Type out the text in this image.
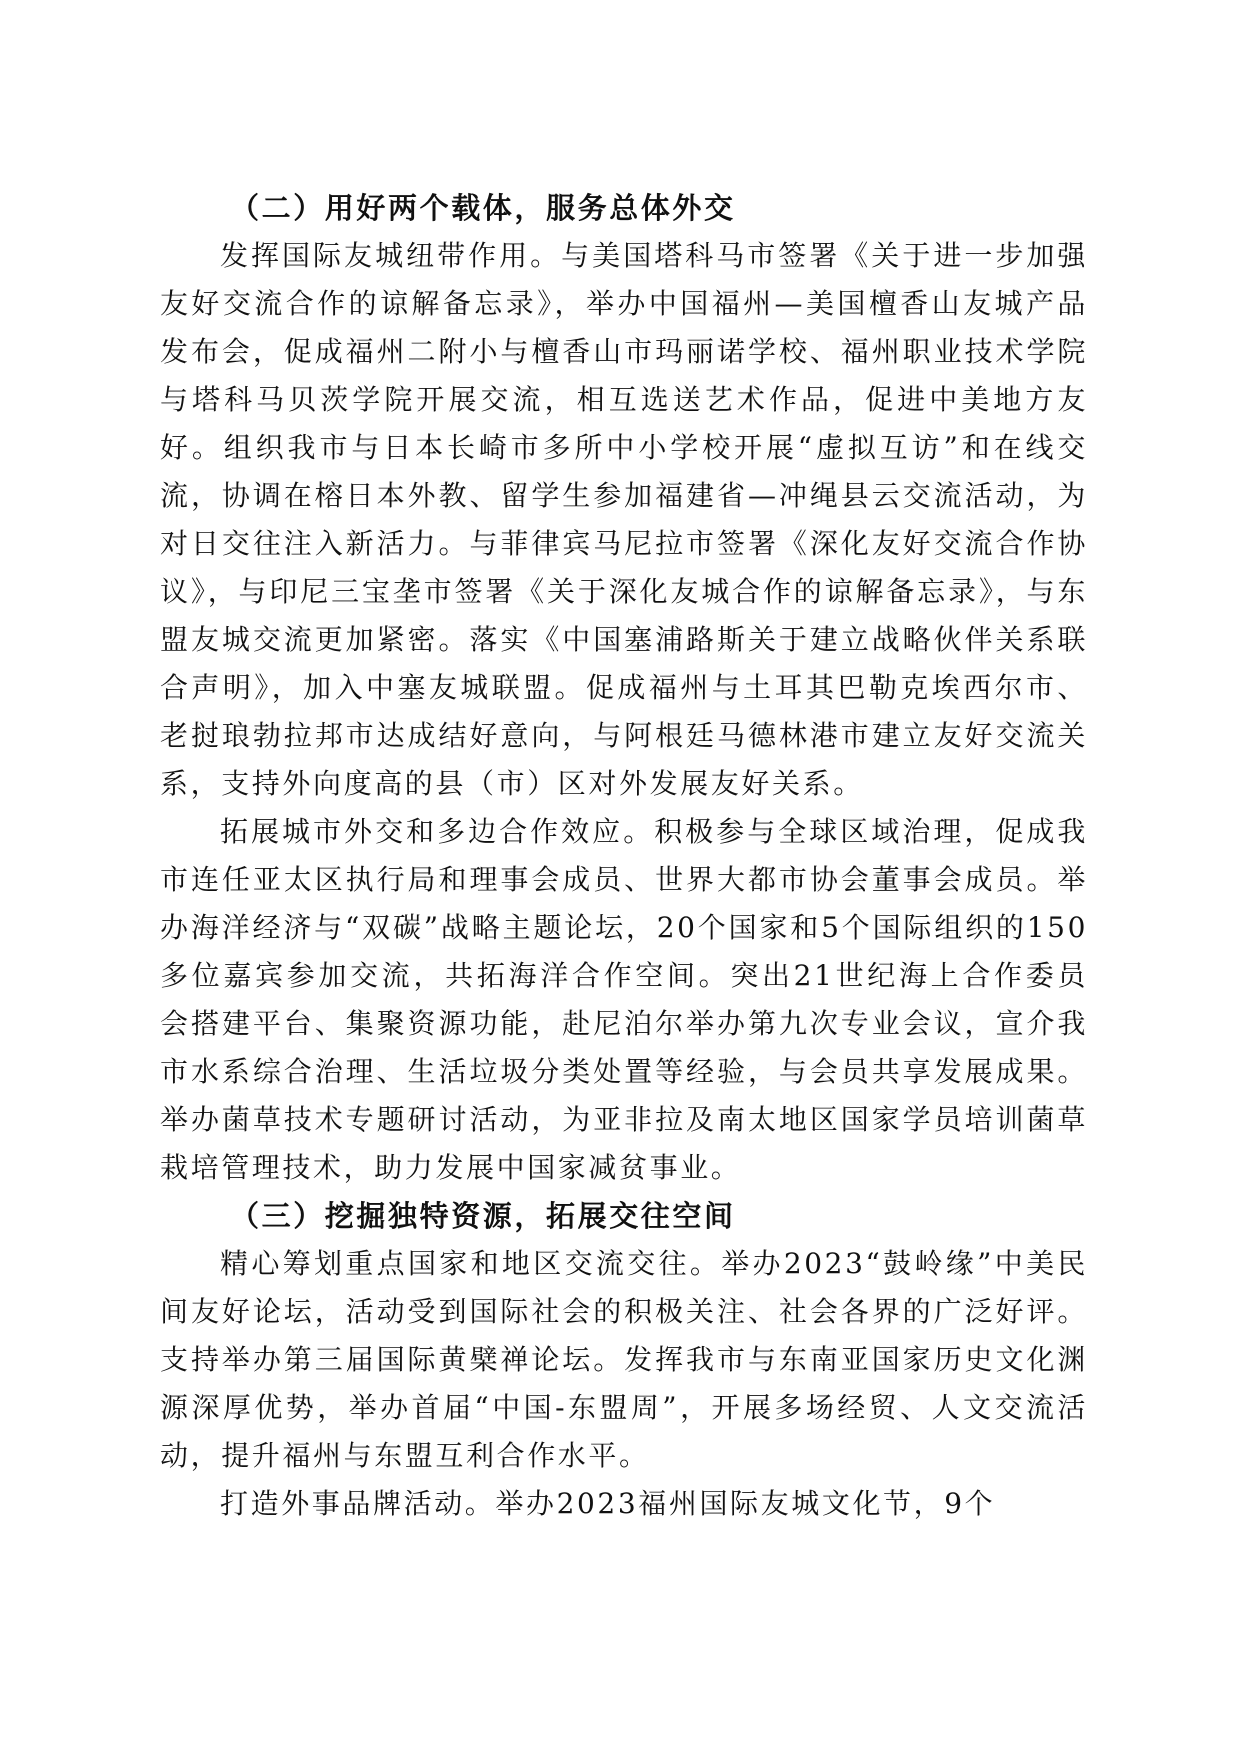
（二）用好两个载体，服务总体外交

发挥国际友城纽带作用。与美国塔科马市签署《关于进一步加强友好交流合作的谅解备忘录》，举办中国福州—美国檀香山友城产品发布会，促成福州二附小与檀香山市玛丽诺学校、福州职业技术学院与塔科马贝茨学院开展交流，相互选送艺术作品，促进中美地方友好。组织我市与日本长崎市多所中小学校开展“虚拟互访”和在线交流，协调在榕日本外教、留学生参加福建省—冲绳县云交流活动，为对日交往注入新活力。与菲律宾马尼拉市签署《深化友好交流合作协议》，与印尼三宝垄市签署《关于深化友城合作的谅解备忘录》，与东盟友城交流更加紧密。落实《中国塞浦路斯关于建立战略伙伴关系联合声明》，加入中塞友城联盟。促成福州与土耳其巴勒克埃西尔市、老挝琅勃拉邦市达成结好意向，与阿根廷马德林港市建立友好交流关系，支持外向度高的县（市）区对外发展友好关系。

拓展城市外交和多边合作效应。积极参与全球区域治理，促成我市连任亚太区执行局和理事会成员、世界大都市协会董事会成员。举办海洋经济与“双碳”战略主题论坛，20个国家和5个国际组织的150多位嘉宾参加交流，共拓海洋合作空间。突出21世纪海上合作委员会搭建平台、集聚资源功能，赴尼泊尔举办第九次专业会议，宣介我市水系综合治理、生活垃圾分类处置等经验，与会员共享发展成果。举办菌草技术专题研讨活动，为亚非拉及南太地区国家学员培训菌草栽培管理技术，助力发展中国家减贫事业。

（三）挖掘独特资源，拓展交往空间

精心筹划重点国家和地区交流交往。举办2023“鼓岭缘”中美民间友好论坛，活动受到国际社会的积极关注、社会各界的广泛好评。支持举办第三届国际黄檗禅论坛。发挥我市与东南亚国家历史文化渊源深厚优势，举办首届“中国-东盟周”，开展多场经贸、人文交流活动，提升福州与东盟互利合作水平。

打造外事品牌活动。举办2023福州国际友城文化节，9个
